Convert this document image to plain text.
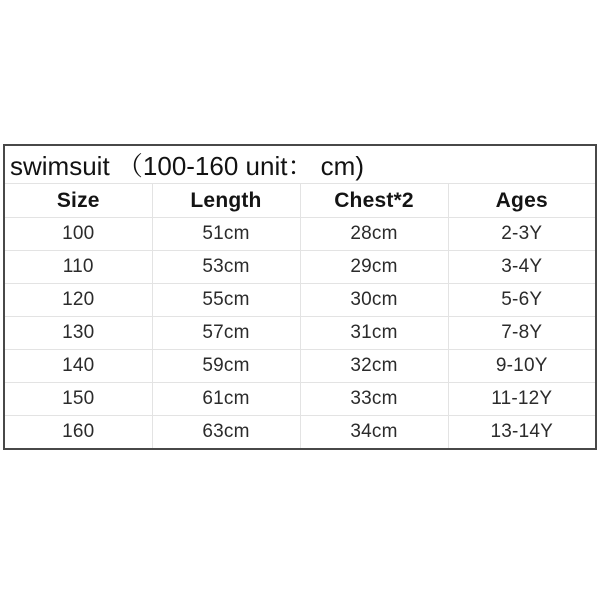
swimsuit （100-160 unit： cm)			
Size	Length	Chest*2	Ages
100	51cm	28cm	2-3Y
110	53cm	29cm	3-4Y
120	55cm	30cm	5-6Y
130	57cm	31cm	7-8Y
140	59cm	32cm	9-10Y
150	61cm	33cm	11-12Y
160	63cm	34cm	13-14Y
